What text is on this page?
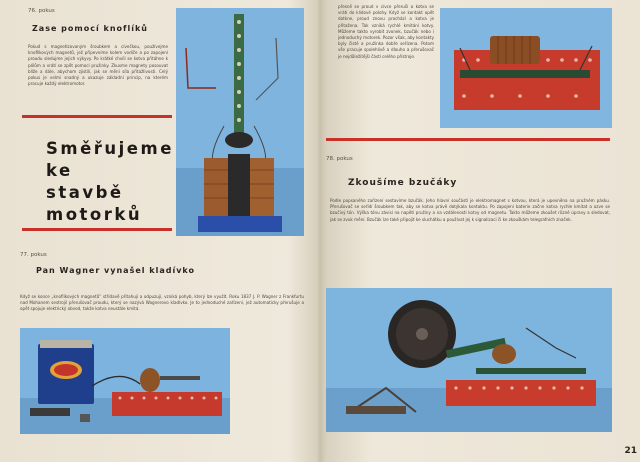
76. pokus
Zase pomocí knoflíků
Pokud s magnetizovaným šroubkem a cívečkou, používejme knoflíkových magnetů, jež připevníme kolem vodiče a po zapojení proudu sledujme jejich výkyvy. Po krátké chvíli se kotva přitáhne k pólům a vrátí se zpět pomocí pružinky. Zkusme magnety posouvat blíže a dále, abychom zjistili, jak se mění síla přitažlivosti. Celý pokus je velmi snadný a ukazuje základní princip, na kterém pracuje každý elektromotor.
Směřujeme
ke stavbě
motorků
77. pokus
Pan Wagner vynašel kladívko
Když se konce „knoflíkových magnetů“ střídavě přitahují a odpuzují, vzniká pohyb, který lze využít. Roku 1837 J. P. Wagner z Frankfurtu nad Mohanem sestrojil přerušovač proudu, který se nazývá Wagnerovo kladívko. Je to jednoduché zařízení, jež automaticky přerušuje a opět spojuje elektrický obvod, takže kotva neustále kmitá.
přesně se proud v cívce přeruší a kotva se vrátí do klidové polohy. Když se kontakt opět dotkne, proud znovu prochází a kotva je přitažena. Tak vzniká rychlé kmitání kotvy. Můžeme takto vyrobit zvonek, bzučák nebo i jednoduchý motorek. Pozor však, aby kontakty byly čisté a pružinka dobře seřízena. Potom vše pracuje spolehlivě a dlouho a přerušovač je nejdůležitější částí celého přístroje.
78. pokus
Zkoušíme bzučáky
Podle popsaného zařízení sestavíme bzučák. Jeho hlavní součástí je elektromagnet s kotvou, která je upevněna na pružném pásku. Přerušovač se seřídí šroubkem tak, aby se kotva právě dotýkala kontaktu. Po zapojení baterie začne kotva rychle kmitat a ozve se bzučivý tón. Výška tónu závisí na napětí pružiny a na vzdálenosti kotvy od magnetu. Takto můžeme zkoušet různé úpravy a sledovat, jak se zvuk mění. Bzučák lze také připojit ke sluchátku a používat jej k signalizaci či ke zkouškám telegrafních značek.
21
